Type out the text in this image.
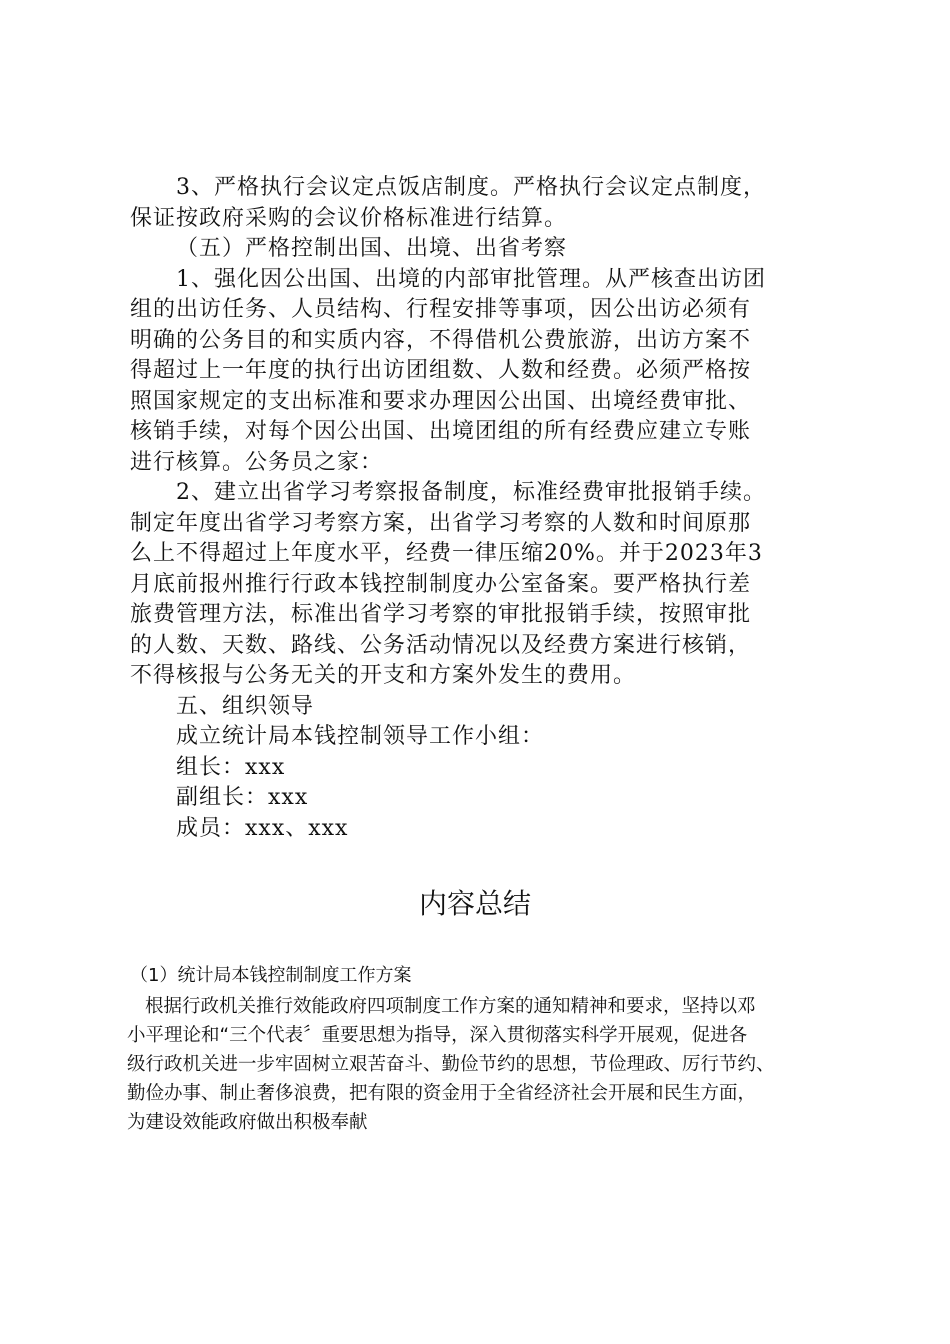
3、严格执行会议定点饭店制度。严格执行会议定点制度，

保证按政府采购的会议价格标准进行结算。

（五）严格控制出国、出境、出省考察

1、强化因公出国、出境的内部审批管理。从严核查出访团

组的出访任务、人员结构、行程安排等事项，因公出访必须有

明确的公务目的和实质内容，不得借机公费旅游，出访方案不

得超过上一年度的执行出访团组数、人数和经费。必须严格按

照国家规定的支出标准和要求办理因公出国、出境经费审批、

核销手续，对每个因公出国、出境团组的所有经费应建立专账

进行核算。公务员之家：

2、建立出省学习考察报备制度，标准经费审批报销手续。

制定年度出省学习考察方案，出省学习考察的人数和时间原那

么上不得超过上年度水平，经费一律压缩20%。并于2023年3

月底前报州推行行政本钱控制制度办公室备案。要严格执行差

旅费管理方法，标准出省学习考察的审批报销手续，按照审批

的人数、天数、路线、公务活动情况以及经费方案进行核销，

不得核报与公务无关的开支和方案外发生的费用。

五、组织领导

成立统计局本钱控制领导工作小组：

组长：xxx

副组长：xxx

成员：xxx、xxx

内容总结
（1）统计局本钱控制制度工作方案

根据行政机关推行效能政府四项制度工作方案的通知精神和要求，坚持以邓

小平理论和“三个代表〞重要思想为指导，深入贯彻落实科学开展观，促进各

级行政机关进一步牢固树立艰苦奋斗、勤俭节约的思想，节俭理政、厉行节约、

勤俭办事、制止奢侈浪费，把有限的资金用于全省经济社会开展和民生方面，

为建设效能政府做出积极奉献
